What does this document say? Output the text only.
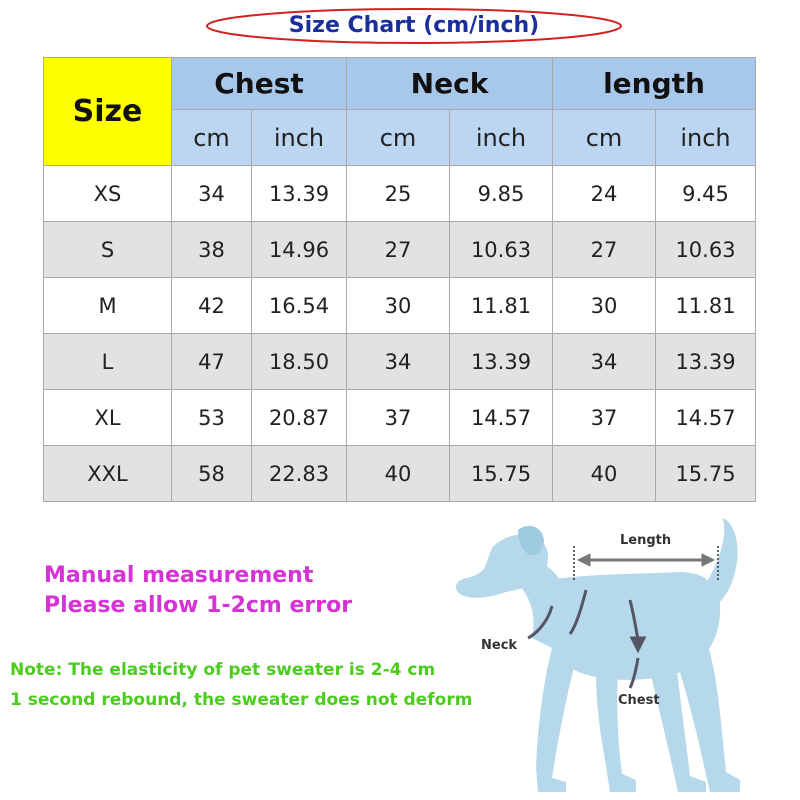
Size Chart (cm/inch)
Size	Chest		Neck		length	
	cm	inch	cm	inch	cm	inch
XS	34	13.39	25	9.85	24	9.45
S	38	14.96	27	10.63	27	10.63
M	42	16.54	30	11.81	30	11.81
L	47	18.50	34	13.39	34	13.39
XL	53	20.87	37	14.57	37	14.57
XXL	58	22.83	40	15.75	40	15.75
Manual measurement
Please allow 1-2cm error
Note: The elasticity of pet sweater is 2-4 cm
1 second rebound, the sweater does not deform
Length
Neck
Chest
